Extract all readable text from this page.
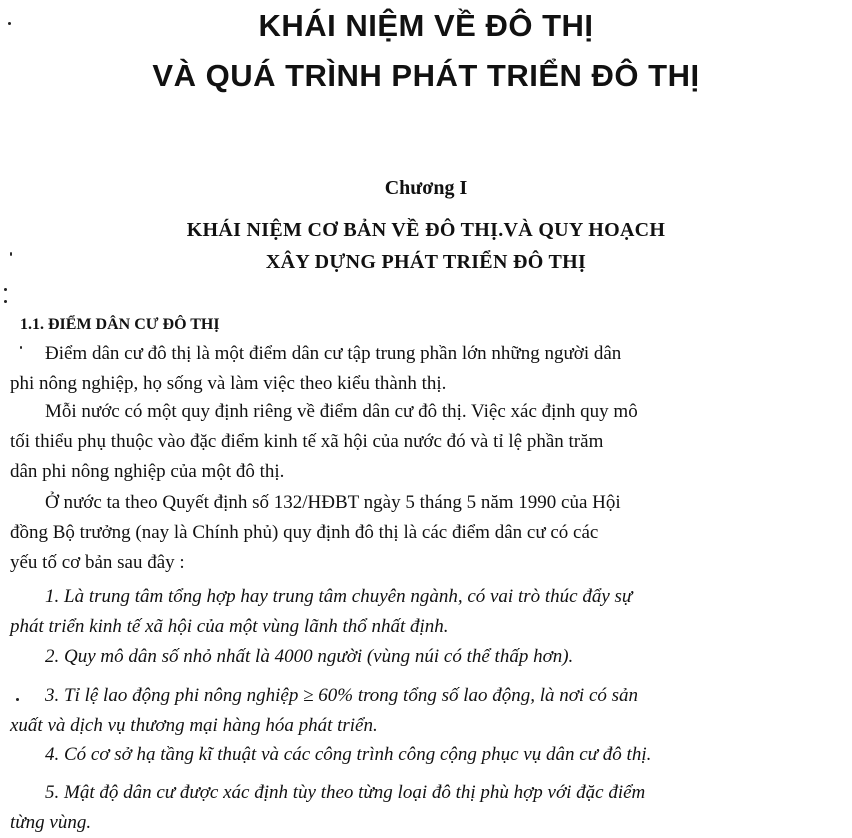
KHÁI NIỆM VỀ ĐÔ THỊ
VÀ QUÁ TRÌNH PHÁT TRIỂN ĐÔ THỊ
Chương I
KHÁI NIỆM CƠ BẢN VỀ ĐÔ THỊ.VÀ QUY HOẠCH
XÂY DỰNG PHÁT TRIỂN ĐÔ THỊ
1.1. ĐIỂM DÂN CƯ ĐÔ THỊ

Điểm dân cư đô thị là một điểm dân cư tập trung phần lớn những người dân
phi nông nghiệp, họ sống và làm việc theo kiểu thành thị.

Mỗi nước có một quy định riêng về điểm dân cư đô thị. Việc xác định quy mô
tối thiểu phụ thuộc vào đặc điểm kinh tế xã hội của nước đó và tỉ lệ phần trăm
dân phi nông nghiệp của một đô thị.

Ở nước ta theo Quyết định số 132/HĐBT ngày 5 tháng 5 năm 1990 của Hội
đồng Bộ trưởng (nay là Chính phủ) quy định đô thị là các điểm dân cư có các
yếu tố cơ bản sau đây :

1. Là trung tâm tổng hợp hay trung tâm chuyên ngành, có vai trò thúc đẩy sự
phát triển kinh tế xã hội của một vùng lãnh thổ nhất định.

2. Quy mô dân số nhỏ nhất là 4000 người (vùng núi có thể thấp hơn).

3. Tỉ lệ lao động phi nông nghiệp ≥ 60% trong tổng số lao động, là nơi có sản
xuất và dịch vụ thương mại hàng hóa phát triển.

4. Có cơ sở hạ tầng kĩ thuật và các công trình công cộng phục vụ dân cư đô thị.

5. Mật độ dân cư được xác định tùy theo từng loại đô thị phù hợp với đặc điểm
từng vùng.
